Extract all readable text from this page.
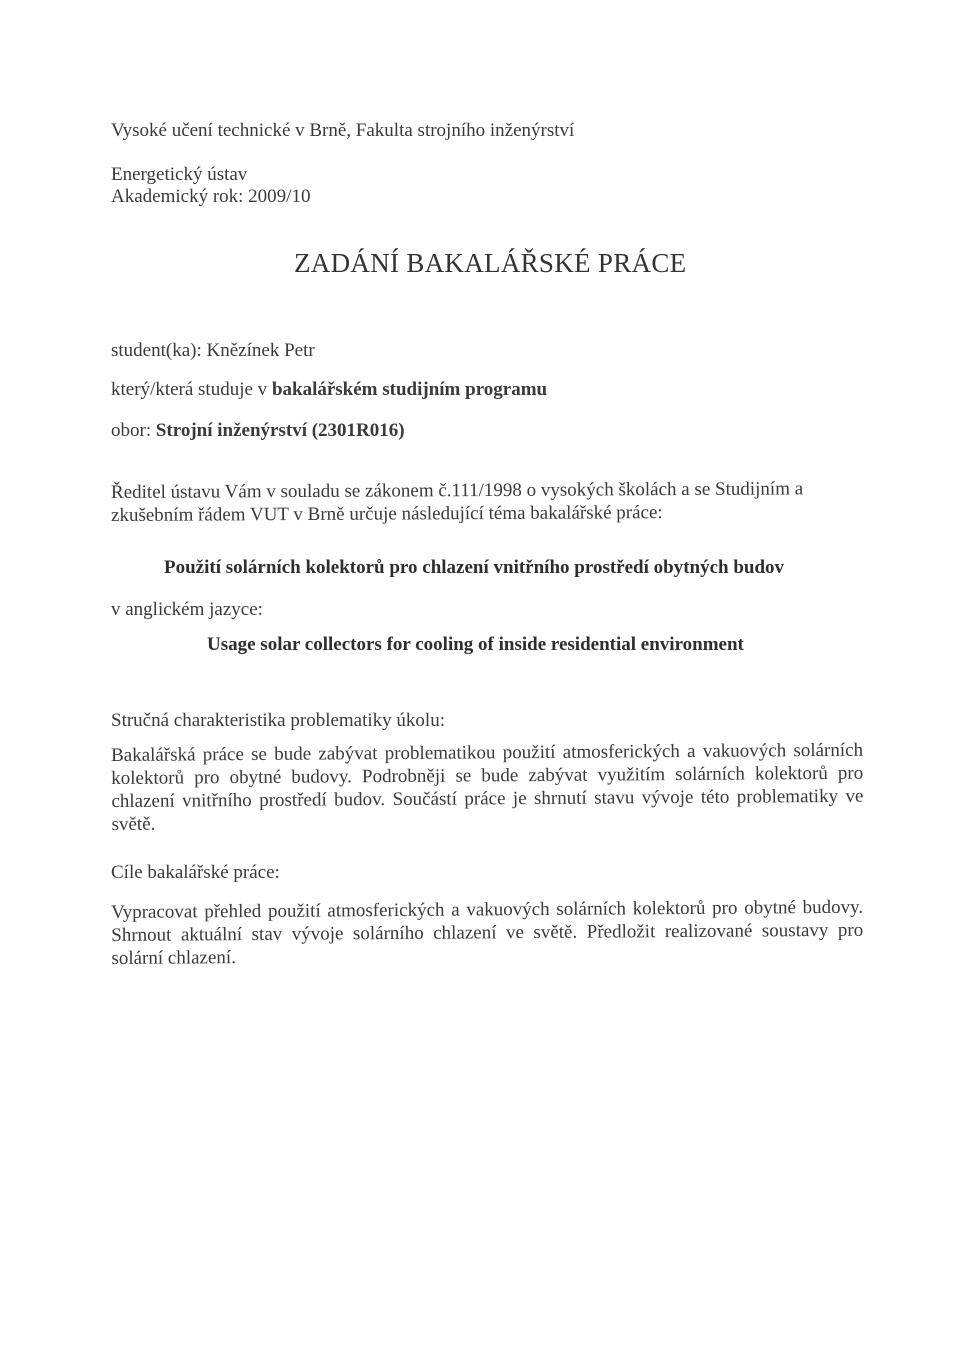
Vysoké učení technické v Brně, Fakulta strojního inženýrství
Energetický ústav
Akademický rok: 2009/10
ZADÁNÍ BAKALÁŘSKÉ PRÁCE
student(ka): Knězínek Petr
který/která studuje v bakalářském studijním programu
obor: Strojní inženýrství (2301R016)
Ředitel ústavu Vám v souladu se zákonem č.111/1998 o vysokých školách a se Studijním a
zkušebním řádem VUT v Brně určuje následující téma bakalářské práce:
Použití solárních kolektorů pro chlazení vnitřního prostředí obytných budov
v anglickém jazyce:
Usage solar collectors for cooling of inside residential environment
Stručná charakteristika problematiky úkolu:
Bakalářská práce se bude zabývat problematikou použití atmosferických a vakuových solárních kolektorů pro obytné budovy. Podrobněji se bude zabývat využitím solárních kolektorů pro chlazení vnitřního prostředí budov. Součástí práce je shrnutí stavu vývoje této problematiky ve světě.
Cíle bakalářské práce:
Vypracovat přehled použití atmosferických a vakuových solárních kolektorů pro obytné budovy. Shrnout aktuální stav vývoje solárního chlazení ve světě. Předložit realizované soustavy pro solární chlazení.
